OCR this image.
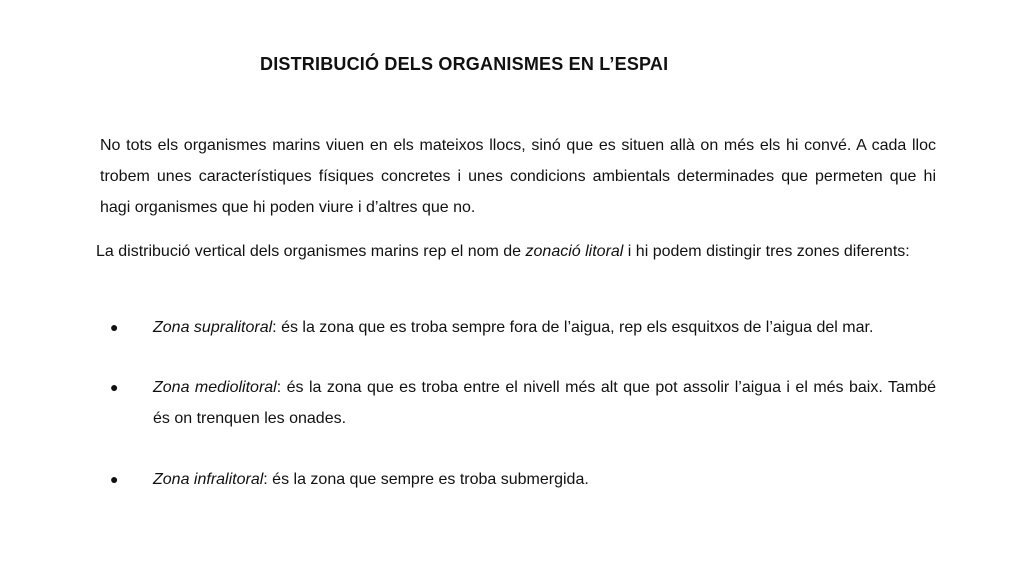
DISTRIBUCIÓ DELS ORGANISMES EN L’ESPAI

No tots els organismes marins viuen en els mateixos llocs, sinó que es situen allà on més els hi convé. A cada lloc trobem unes característiques físiques concretes i unes condicions ambientals determinades que permeten que hi hagi organismes que hi poden viure i d’altres que no.

La distribució vertical dels organismes marins rep el nom de zonació litoral i hi podem distingir tres zones diferents:

●	Zona supralitoral: és la zona que es troba sempre fora de l’aigua, rep els esquitxos de l’aigua del mar.
●	Zona mediolitoral: és la zona que es troba entre el nivell més alt que pot assolir l’aigua i el més baix. També és on trenquen les onades.
●	Zona infralitoral: és la zona que sempre es troba submergida.
